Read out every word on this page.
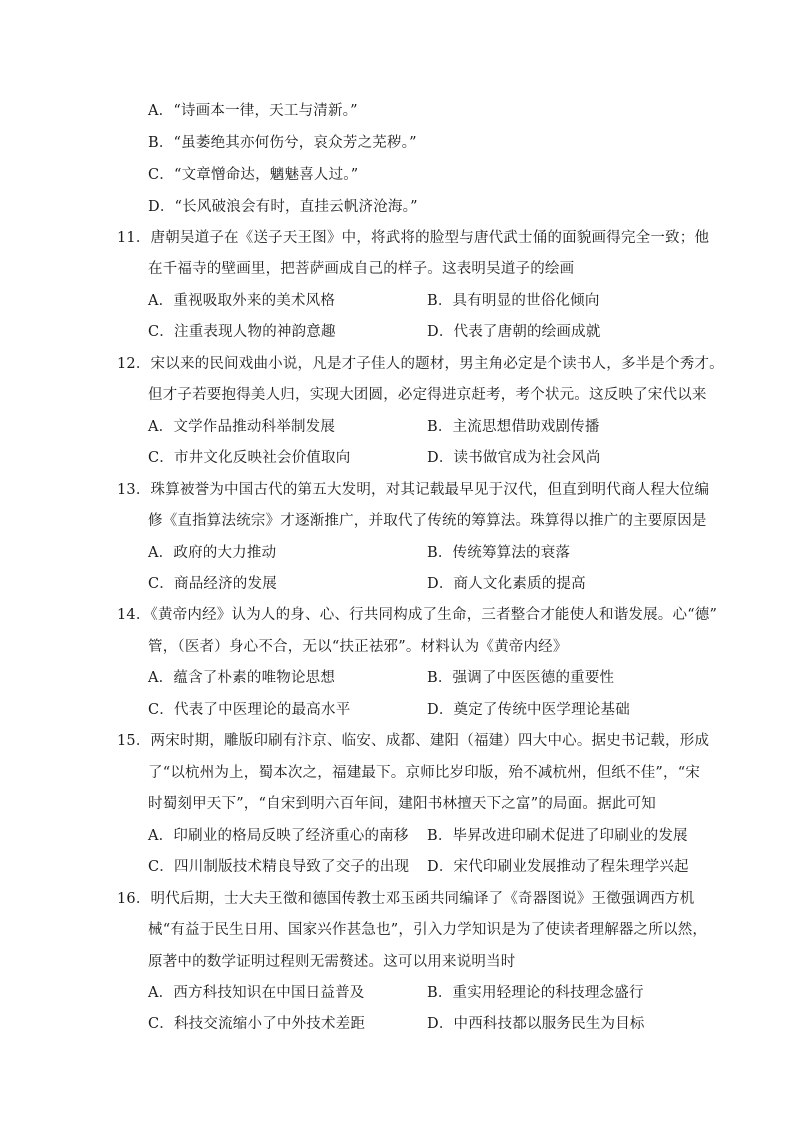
A．“诗画本一律，天工与清新。”
B．“虽萎绝其亦何伤兮，哀众芳之芜秽。”
C．“文章憎命达，魑魅喜人过。”
D．“长风破浪会有时，直挂云帆济沧海。”
11．唐朝吴道子在《送子天王图》中，将武将的脸型与唐代武士俑的面貌画得完全一致；他
在千福寺的壁画里，把菩萨画成自己的样子。这表明吴道子的绘画
A．重视吸取外来的美术风格	B．具有明显的世俗化倾向
C．注重表现人物的神韵意趣	D．代表了唐朝的绘画成就
12．宋以来的民间戏曲小说，凡是才子佳人的题材，男主角必定是个读书人，多半是个秀才。
但才子若要抱得美人归，实现大团圆，必定得进京赶考，考个状元。这反映了宋代以来
A．文学作品推动科举制发展	B．主流思想借助戏剧传播
C．市井文化反映社会价值取向	D．读书做官成为社会风尚
13．珠算被誉为中国古代的第五大发明，对其记载最早见于汉代，但直到明代商人程大位编
修《直指算法统宗》才逐渐推广，并取代了传统的筹算法。珠算得以推广的主要原因是
A．政府的大力推动	B．传统筹算法的衰落
C．商品经济的发展	D．商人文化素质的提高
14．《黄帝内经》认为人的身、心、行共同构成了生命，三者整合才能使人和谐发展。心“德”
管，（医者）身心不合，无以“扶正祛邪”。材料认为《黄帝内经》
A．蕴含了朴素的唯物论思想	B．强调了中医医德的重要性
C．代表了中医理论的最高水平	D．奠定了传统中医学理论基础
15．两宋时期，雕版印刷有汴京、临安、成都、建阳（福建）四大中心。据史书记载，形成
了“以杭州为上，蜀本次之，福建最下。京师比岁印版，殆不减杭州，但纸不佳”，“宋
时蜀刻甲天下”，“自宋到明六百年间，建阳书林擅天下之富”的局面。据此可知
A．印刷业的格局反映了经济重心的南移 B．毕昇改进印刷术促进了印刷业的发展
C．四川制版技术精良导致了交子的出现 D．宋代印刷业发展推动了程朱理学兴起
16．明代后期，士大夫王徵和德国传教士邓玉函共同编译了《奇器图说》王徵强调西方机
械“有益于民生日用、国家兴作甚急也”，引入力学知识是为了使读者理解器之所以然，
原著中的数学证明过程则无需赘述。这可以用来说明当时
A．西方科技知识在中国日益普及	B．重实用轻理论的科技理念盛行
C．科技交流缩小了中外技术差距	D．中西科技都以服务民生为目标
